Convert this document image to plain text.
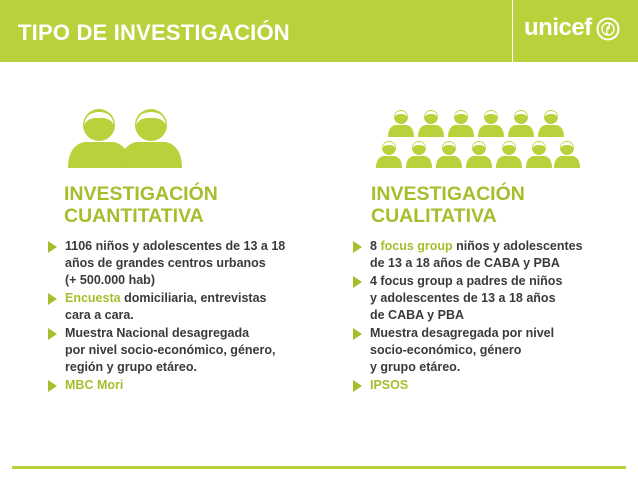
TIPO DE INVESTIGACIÓN	unicef
INVESTIGACIÓN
CUANTITATIVA
1106 niños y adolescentes de 13 a 18
años de grandes centros urbanos
(+ 500.000 hab)
Encuesta domiciliaria, entrevistas
cara a cara.
Muestra Nacional desagregada
por nivel socio-económico, género,
región y grupo etáreo.
MBC Mori
INVESTIGACIÓN
CUALITATIVA
8 focus group niños y adolescentes
de 13 a 18 años de CABA y PBA
4 focus group a padres de niños
y adolescentes de 13 a 18 años
de CABA y PBA
Muestra desagregada por nivel
socio-económico, género
y grupo etáreo.
IPSOS
